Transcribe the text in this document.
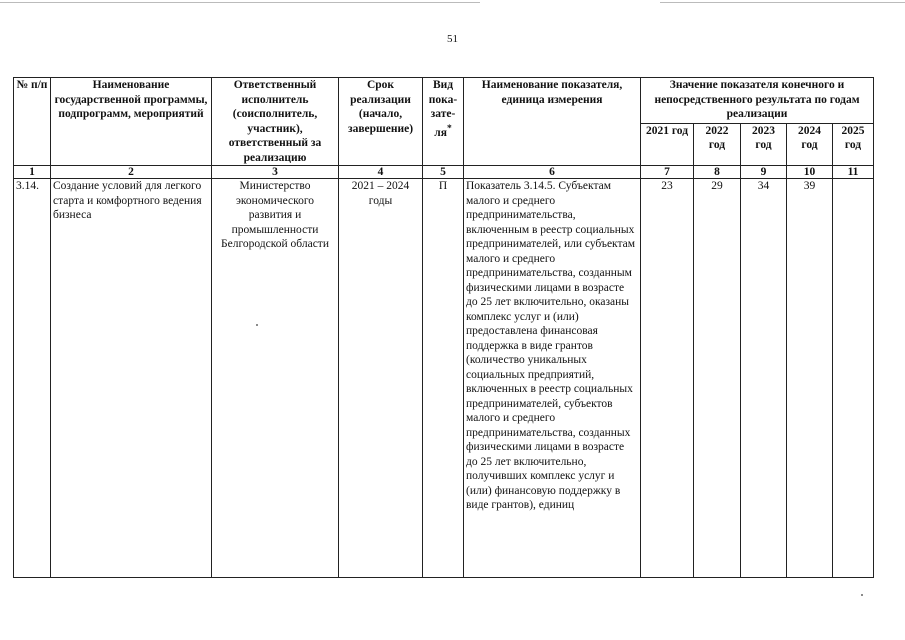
51
№ п/п	Наименование государственной программы, подпрограмм, мероприятий	Ответственный исполнитель (соисполнитель, участник), ответственный за реализацию	Срок реализации (начало, завершение)	Вид пока-зате-ля*	Наименование показателя, единица измерения	Значение показателя конечного и непосредственного результата по годам реализации				
						2021 год	2022 год	2023 год	2024 год	2025 год
1	2	3	4	5	6	7	8	9	10	11
3.14.	Создание условий для легкого старта и комфортного ведения бизнеса	Министерство экономического развития и промышленности Белгородской области	2021 – 2024 годы	П	Показатель 3.14.5. Субъектам малого и среднего предпринимательства, включенным в реестр социальных предпринимателей, или субъектам малого и среднего предпринимательства, созданным физическими лицами в возрасте до 25 лет включительно, оказаны комплекс услуг и (или) предоставлена финансовая поддержка в виде грантов (количество уникальных социальных предприятий, включенных в реестр социальных предпринимателей, субъектов малого и среднего предпринимательства, созданных физическими лицами в возрасте до 25 лет включительно, получивших комплекс услуг и (или) финансовую поддержку в виде грантов), единиц	23	29	34	39	
